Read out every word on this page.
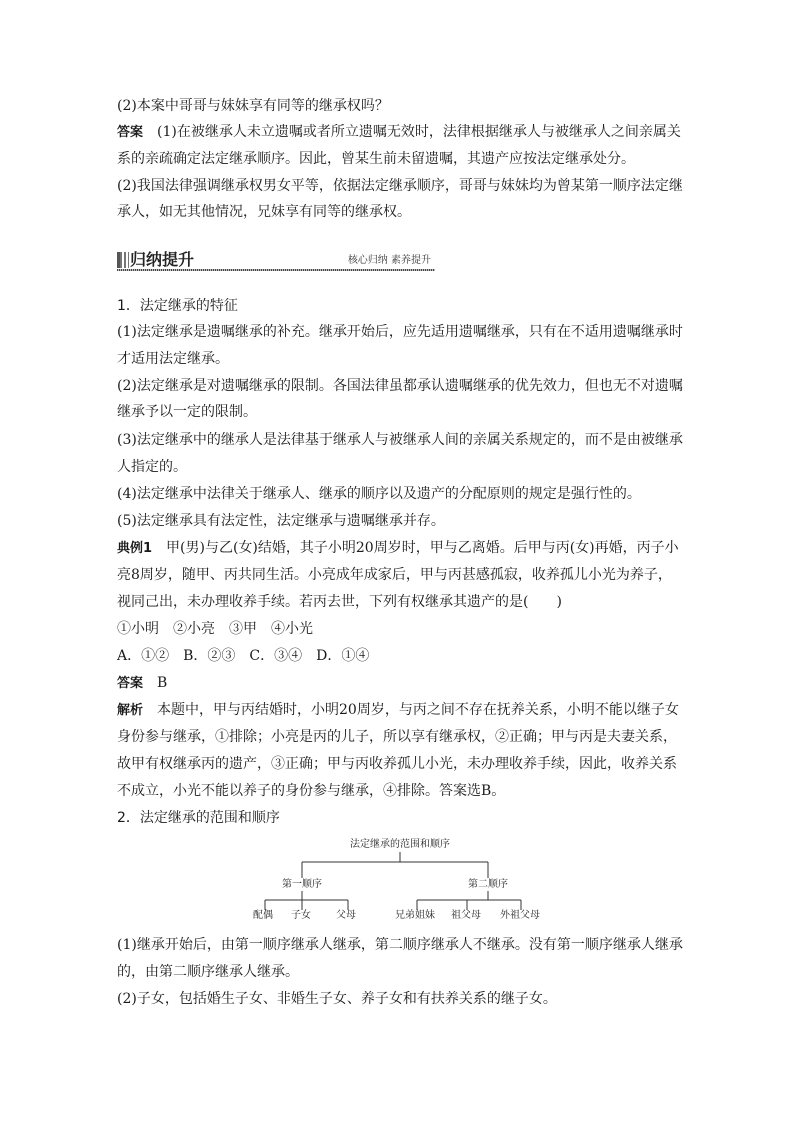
(2)本案中哥哥与妹妹享有同等的继承权吗？
答案　(1)在被继承人未立遗嘱或者所立遗嘱无效时，法律根据继承人与被继承人之间亲属关
系的亲疏确定法定继承顺序。因此，曾某生前未留遗嘱，其遗产应按法定继承处分。
(2)我国法律强调继承权男女平等，依据法定继承顺序，哥哥与妹妹均为曾某第一顺序法定继
承人，如无其他情况，兄妹享有同等的继承权。
归纳提升	核心归纳 素养提升
1．法定继承的特征
(1)法定继承是遗嘱继承的补充。继承开始后，应先适用遗嘱继承，只有在不适用遗嘱继承时
才适用法定继承。
(2)法定继承是对遗嘱继承的限制。各国法律虽都承认遗嘱继承的优先效力，但也无不对遗嘱
继承予以一定的限制。
(3)法定继承中的继承人是法律基于继承人与被继承人间的亲属关系规定的，而不是由被继承
人指定的。
(4)法定继承中法律关于继承人、继承的顺序以及遗产的分配原则的规定是强行性的。
(5)法定继承具有法定性，法定继承与遗嘱继承并存。
典例1　甲(男)与乙(女)结婚，其子小明20周岁时，甲与乙离婚。后甲与丙(女)再婚，丙子小
亮8周岁，随甲、丙共同生活。小亮成年成家后，甲与丙甚感孤寂，收养孤儿小光为养子，
视同己出，未办理收养手续。若丙去世，下列有权继承其遗产的是(　　)
①小明　②小亮　③甲　④小光
A．①②　B．②③　C．③④　D．①④
答案　B
解析　本题中，甲与丙结婚时，小明20周岁，与丙之间不存在抚养关系，小明不能以继子女
身份参与继承，①排除；小亮是丙的儿子，所以享有继承权，②正确；甲与丙是夫妻关系，
故甲有权继承丙的遗产，③正确；甲与丙收养孤儿小光，未办理收养手续，因此，收养关系
不成立，小光不能以养子的身份参与继承，④排除。答案选B。
2．法定继承的范围和顺序
法定继承的范围和顺序
第一顺序	第二顺序
配偶 子女	父母	兄弟姐妹 祖父母 外祖父母
(1)继承开始后，由第一顺序继承人继承，第二顺序继承人不继承。没有第一顺序继承人继承
的，由第二顺序继承人继承。
(2)子女，包括婚生子女、非婚生子女、养子女和有扶养关系的继子女。
